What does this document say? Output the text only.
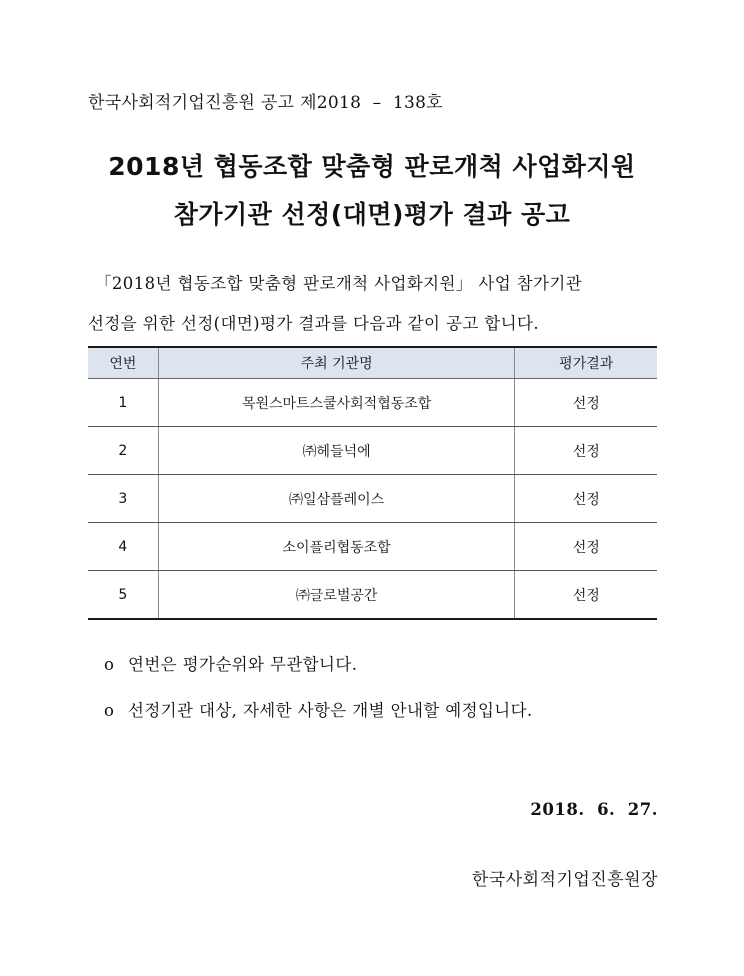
한국사회적기업진흥원 공고 제2018  –  138호
2018년 협동조합 맞춤형 판로개척 사업화지원
참가기관 선정(대면)평가 결과 공고
「2018년 협동조합 맞춤형 판로개척 사업화지원」 사업 참가기관
선정을 위한 선정(대면)평가 결과를 다음과 같이 공고 합니다.
연번	주최 기관명	평가결과
1	목원스마트스쿨사회적협동조합	선정
2	㈜헤들넉에	선정
3	㈜일삼플레이스	선정
4	소이플리협동조합	선정
5	㈜글로벌공간	선정
o 연번은 평가순위와 무관합니다.
o 선정기관 대상, 자세한 사항은 개별 안내할 예정입니다.
2018.  6.  27.
한국사회적기업진흥원장
